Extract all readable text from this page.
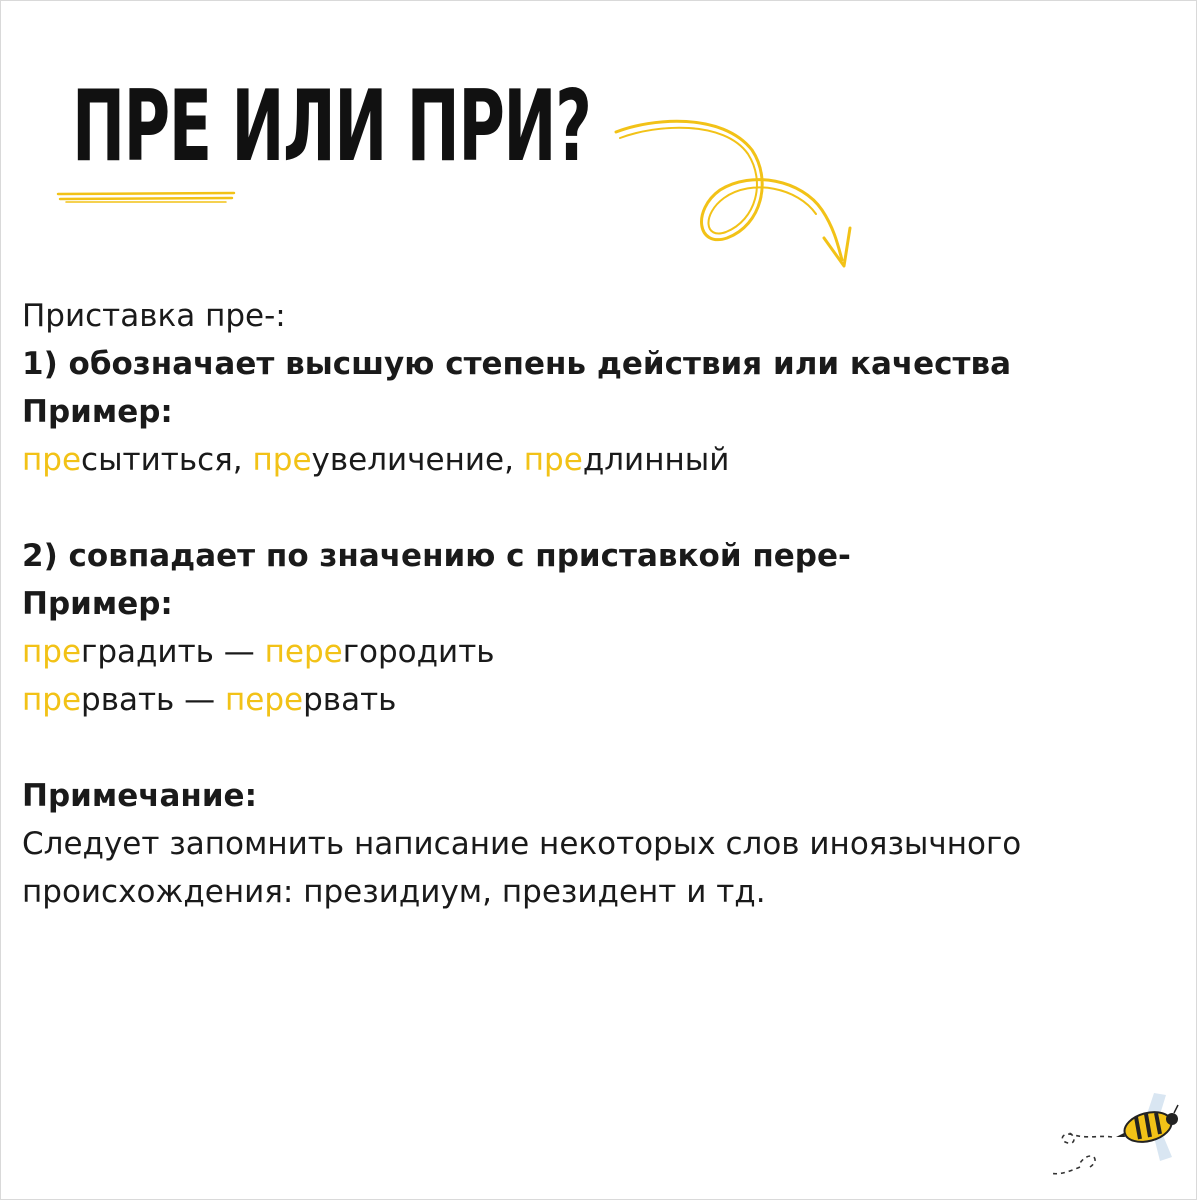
ПРЕ ИЛИ ПРИ?
Приставка пре-:
1) обозначает высшую степень действия или качества
Пример:
пресытиться, преувеличение, предлинный
2) совпадает по значению с приставкой пере-
Пример:
преградить — перегородить
прервать — перервать
Примечание:
Следует запомнить написание некоторых слов иноязычного
происхождения: президиум, президент и тд.
